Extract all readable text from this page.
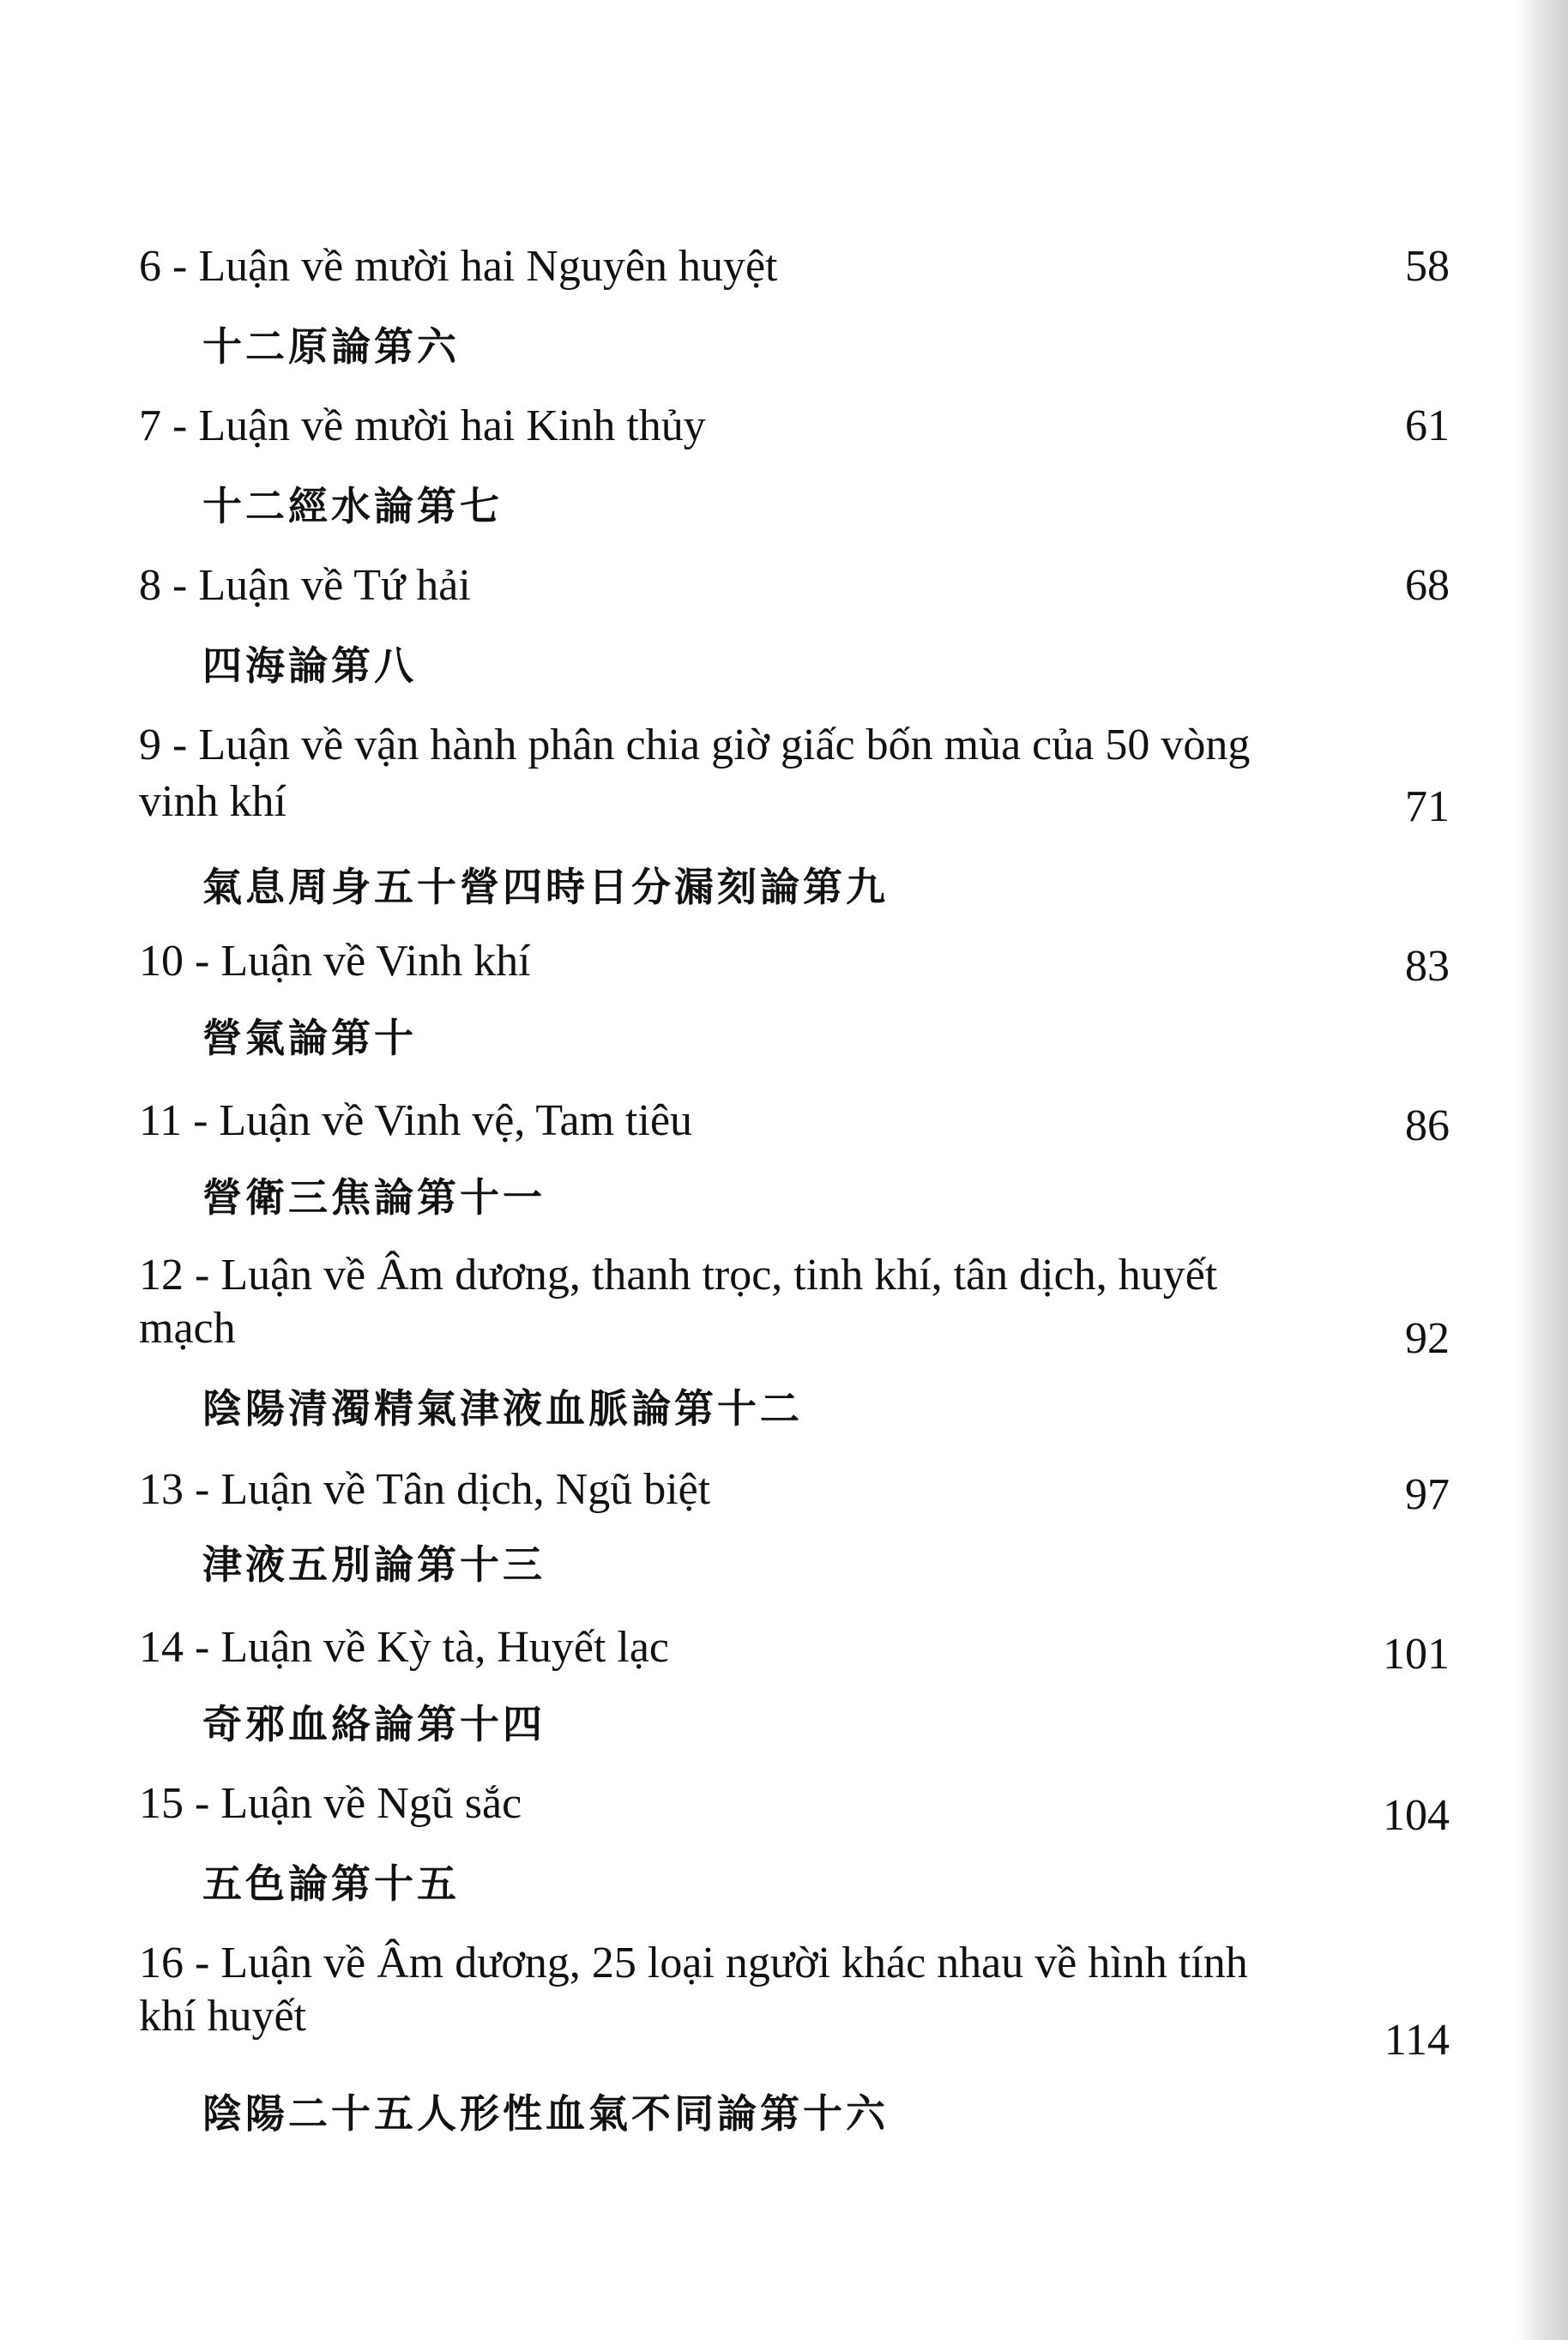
6 - Luận về mười hai Nguyên huyệt	58
十二原論第六
7 - Luận về mười hai Kinh thủy	61
十二經水論第七
8 - Luận về Tứ hải	68
四海論第八
9 - Luận về vận hành phân chia giờ giấc bốn mùa của 50 vòng
vinh khí	71
氣息周身五十營四時日分漏刻論第九
10 - Luận về Vinh khí	83
營氣論第十
11 - Luận về Vinh vệ, Tam tiêu	86
營衛三焦論第十一
12 - Luận về Âm dương, thanh trọc, tinh khí, tân dịch, huyết
mạch	92
陰陽清濁精氣津液血脈論第十二
13 - Luận về Tân dịch, Ngũ biệt	97
津液五別論第十三
14 - Luận về Kỳ tà, Huyết lạc	101
奇邪血絡論第十四
15 - Luận về Ngũ sắc	104
五色論第十五
16 - Luận về Âm dương, 25 loại người khác nhau về hình tính
khí huyết	114
陰陽二十五人形性血氣不同論第十六
